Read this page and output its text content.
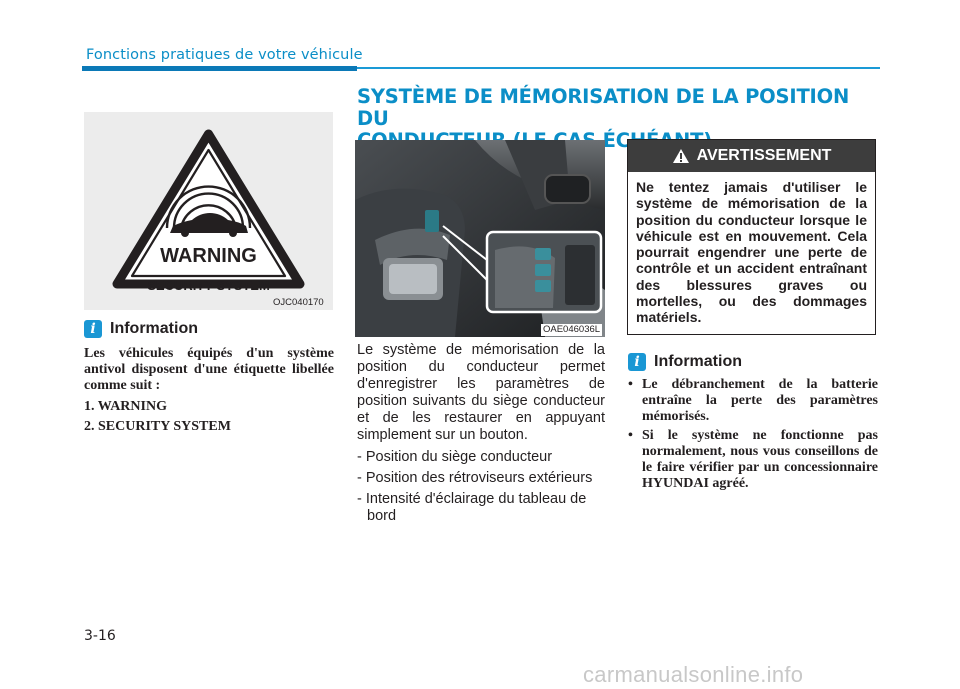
Fonctions pratiques de votre véhicule
SYSTÈME DE MÉMORISATION DE LA POSITION DU
WARNING
SECURITY SYSTEM
OJC040170
i Information
Les véhicules équipés d'un système antivol disposent d'une étiquette libellée comme suit :
1. WARNING
2. SECURITY SYSTEM
OAE046036L
Le système de mémorisation de la position du conducteur permet d'enregistrer les paramètres de position suivants du siège conducteur et de les restaurer en appuyant simplement sur un bouton.
- Position du siège conducteur
- Position des rétroviseurs extérieurs
- Intensité d'éclairage du tableau de bord
AVERTISSEMENT
Ne tentez jamais d'utiliser le système de mémorisation de la position du conducteur lorsque le véhicule est en mouvement. Cela pourrait engendrer une perte de contrôle et un accident entraînant des blessures graves ou mortelles, ou des dommages matériels.
i Information
• Le débranchement de la batterie entraîne la perte des paramètres mémorisés.
• Si le système ne fonctionne pas normalement, nous vous conseillons de le faire vérifier par un concessionnaire HYUNDAI agréé.
3-16
carmanualsonline.info
